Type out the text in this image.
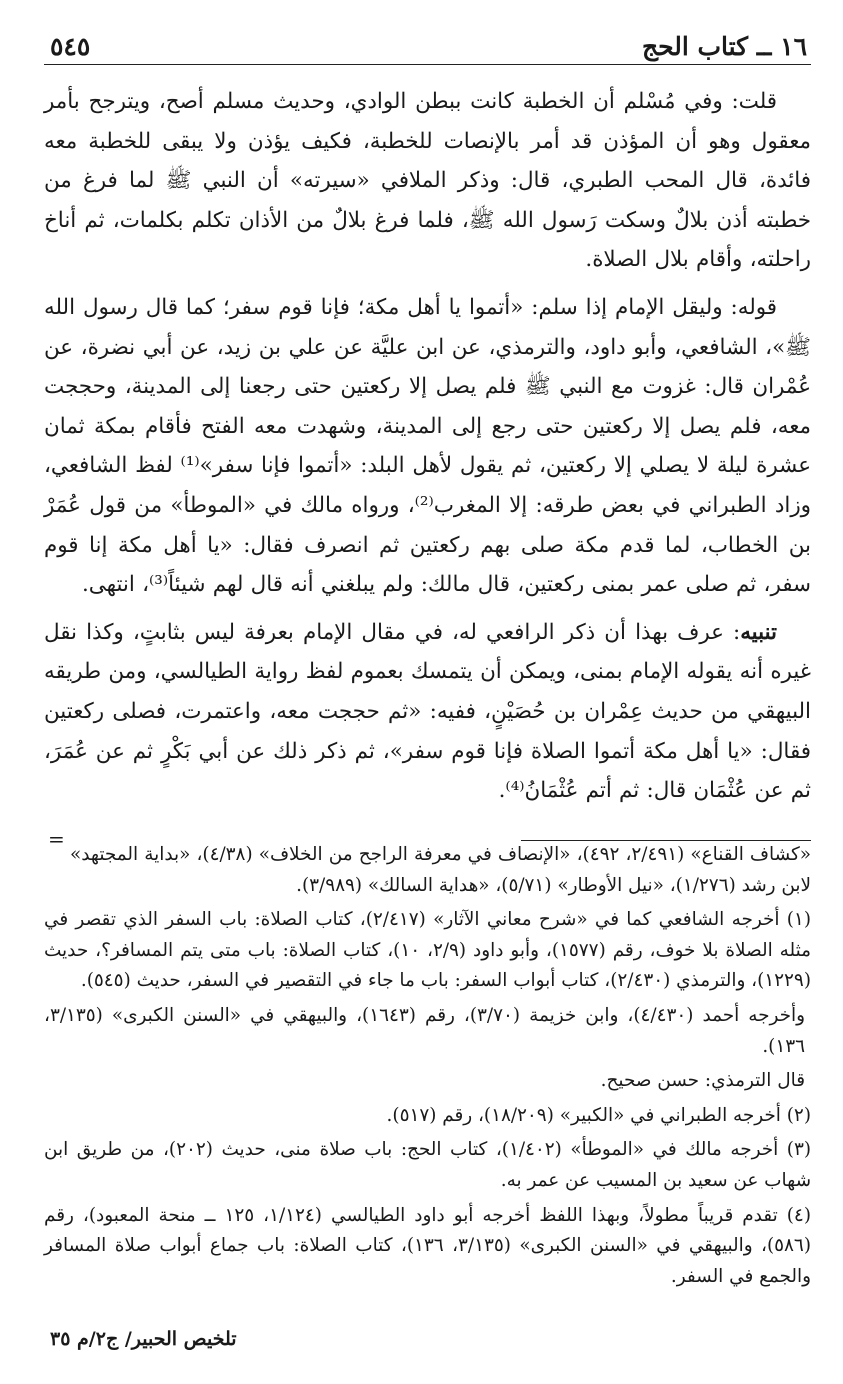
١٦ ــ كتاب الحج
٥٤٥

قلت: وفي مُسْلم أن الخطبة كانت ببطن الوادي، وحديث مسلم أصح، ويترجح بأمر معقول وهو أن المؤذن قد أمر بالإنصات للخطبة، فكيف يؤذن ولا يبقى للخطبة معه فائدة، قال المحب الطبري، قال: وذكر الملافي «سيرته» أن النبي ﷺ لما فرغ من خطبته أذن بلالٌ وسكت رَسول الله ﷺ، فلما فرغ بلالٌ من الأذان تكلم بكلمات، ثم أناخ راحلته، وأقام بلال الصلاة.

قوله: وليقل الإمام إذا سلم: «أتموا يا أهل مكة؛ فإنا قوم سفر؛ كما قال رسول الله ﷺ»، الشافعي، وأبو داود، والترمذي، عن ابن عليَّة عن علي بن زيد، عن أبي نضرة، عن عُمْران قال: غزوت مع النبي ﷺ فلم يصل إلا ركعتين حتى رجعنا إلى المدينة، وحججت معه، فلم يصل إلا ركعتين حتى رجع إلى المدينة، وشهدت معه الفتح فأقام بمكة ثمان عشرة ليلة لا يصلي إلا ركعتين، ثم يقول لأهل البلد: «أتموا فإنا سفر»⁽¹⁾ لفظ الشافعي، وزاد الطبراني في بعض طرقه: إلا المغرب⁽²⁾، ورواه مالك في «الموطأ» من قول عُمَرْ بن الخطاب، لما قدم مكة صلى بهم ركعتين ثم انصرف فقال: «يا أهل مكة إنا قوم سفر، ثم صلى عمر بمنى ركعتين، قال مالك: ولم يبلغني أنه قال لهم شيئاً⁽³⁾، انتهى.

تنبيه: عرف بهذا أن ذكر الرافعي له، في مقال الإمام بعرفة ليس بثابتٍ، وكذا نقل غيره أنه يقوله الإمام بمنى، ويمكن أن يتمسك بعموم لفظ رواية الطيالسي، ومن طريقه البيهقي من حديث عِمْران بن حُصَيْنٍ، ففيه: «ثم حججت معه، واعتمرت، فصلى ركعتين فقال: «يا أهل مكة أتموا الصلاة فإنا قوم سفر»، ثم ذكر ذلك عن أبي بَكْرٍ ثم عن عُمَرَ، ثم عن عُثْمَان قال: ثم أتم عُثْمَانُ⁽⁴⁾.

=

«كشاف القناع» (٢/٤٩١، ٤٩٢)، «الإنصاف في معرفة الراجح من الخلاف» (٤/٣٨)، «بداية المجتهد» لابن رشد (١/٢٧٦)، «نيل الأوطار» (٥/٧١)، «هداية السالك» (٣/٩٨٩).

(١) أخرجه الشافعي كما في «شرح معاني الآثار» (٢/٤١٧)، كتاب الصلاة: باب السفر الذي تقصر في مثله الصلاة بلا خوف، رقم (١٥٧٧)، وأبو داود (٢/٩، ١٠)، كتاب الصلاة: باب متى يتم المسافر؟، حديث (١٢٢٩)، والترمذي (٢/٤٣٠)، كتاب أبواب السفر: باب ما جاء في التقصير في السفر، حديث (٥٤٥).

وأخرجه أحمد (٤/٤٣٠)، وابن خزيمة (٣/٧٠)، رقم (١٦٤٣)، والبيهقي في «السنن الكبرى» (٣/١٣٥، ١٣٦).

قال الترمذي: حسن صحيح.

(٢) أخرجه الطبراني في «الكبير» (١٨/٢٠٩)، رقم (٥١٧).

(٣) أخرجه مالك في «الموطأ» (١/٤٠٢)، كتاب الحج: باب صلاة منى، حديث (٢٠٢)، من طريق ابن شهاب عن سعيد بن المسيب عن عمر به.

(٤) تقدم قريباً مطولاً، وبهذا اللفظ أخرجه أبو داود الطيالسي (١/١٢٤، ١٢٥ ــ منحة المعبود)، رقم (٥٨٦)، والبيهقي في «السنن الكبرى» (٣/١٣٥، ١٣٦)، كتاب الصلاة: باب جماع أبواب صلاة المسافر والجمع في السفر.

تلخيص الحبير/ ج٢/م ٣٥
